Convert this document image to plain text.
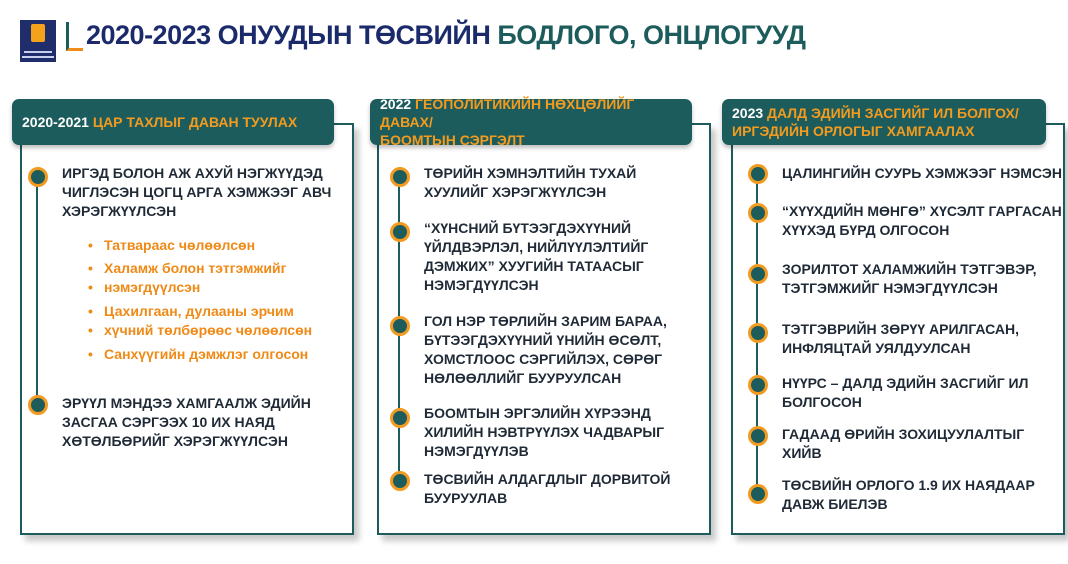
2020-2023 ОНУУДЫН ТӨСВИЙН БОДЛОГО, ОНЦЛОГУУД
2020-2021 ЦАР ТАХЛЫГ ДАВАН ТУУЛАХ
ИРГЭД БОЛОН АЖ АХУЙ НЭГЖҮҮДЭД
ЧИГЛЭСЭН ЦОГЦ АРГА ХЭМЖЭЭГ АВЧ
ХЭРЭГЖҮҮЛСЭН
• Татвараас чөлөөлсөн
• Халамж болон тэтгэмжийг
• нэмэгдүүлсэн
• Цахилгаан, дулааны эрчим
• хүчний төлбөрөөс чөлөөлсөн
• Санхүүгийн дэмжлэг олгосон
ЭРҮҮЛ МЭНДЭЭ ХАМГААЛЖ ЭДИЙН
ЗАСГАА СЭРГЭЭХ 10 ИХ НАЯД
ХӨТӨЛБӨРИЙГ ХЭРЭГЖҮҮЛСЭН
2022 ГЕОПОЛИТИКИЙН НӨХЦӨЛИЙГ ДАВАХ/
БООМТЫН СЭРГЭЛТ
ТӨРИЙН ХЭМНЭЛТИЙН ТУХАЙ
ХУУЛИЙГ ХЭРЭГЖҮҮЛСЭН
“ХҮНСНИЙ БҮТЭЭГДЭХҮҮНИЙ
ҮЙЛДВЭРЛЭЛ, НИЙЛҮҮЛЭЛТИЙГ
ДЭМЖИХ” ХУУГИЙН ТАТААСЫГ
НЭМЭГДҮҮЛСЭН
ГОЛ НЭР ТӨРЛИЙН ЗАРИМ БАРАА,
БҮТЭЭГДЭХҮҮНИЙ ҮНИЙН ӨСӨЛТ,
ХОМСТЛООС СЭРГИЙЛЭХ, СӨРӨГ
НӨЛӨӨЛЛИЙГ БУУРУУЛСАН
БООМТЫН ЭРГЭЛИЙН ХҮРЭЭНД
ХИЛИЙН НЭВТРҮҮЛЭХ ЧАДВАРЫГ
НЭМЭГДҮҮЛЭВ
ТӨСВИЙН АЛДАГДЛЫГ ДОРВИТОЙ
БУУРУУЛАВ
2023 ДАЛД ЭДИЙН ЗАСГИЙГ ИЛ БОЛГОХ/
ИРГЭДИЙН ОРЛОГЫГ ХАМГААЛАХ
ЦАЛИНГИЙН СУУРЬ ХЭМЖЭЭГ НЭМСЭН
“ХҮҮХДИЙН МӨНГӨ” ХҮСЭЛТ ГАРГАСАН
ХҮҮХЭД БҮРД ОЛГОСОН
ЗОРИЛТОТ ХАЛАМЖИЙН ТЭТГЭВЭР,
ТЭТГЭМЖИЙГ НЭМЭГДҮҮЛСЭН
ТЭТГЭВРИЙН ЗӨРҮҮ АРИЛГАСАН,
ИНФЛЯЦТАЙ УЯЛДУУЛСАН
НҮҮРС – ДАЛД ЭДИЙН ЗАСГИЙГ ИЛ
БОЛГОСОН
ГАДААД ӨРИЙН ЗОХИЦУУЛАЛТЫГ
ХИЙВ
ТӨСВИЙН ОРЛОГО 1.9 ИХ НАЯДААР
ДАВЖ БИЕЛЭВ
